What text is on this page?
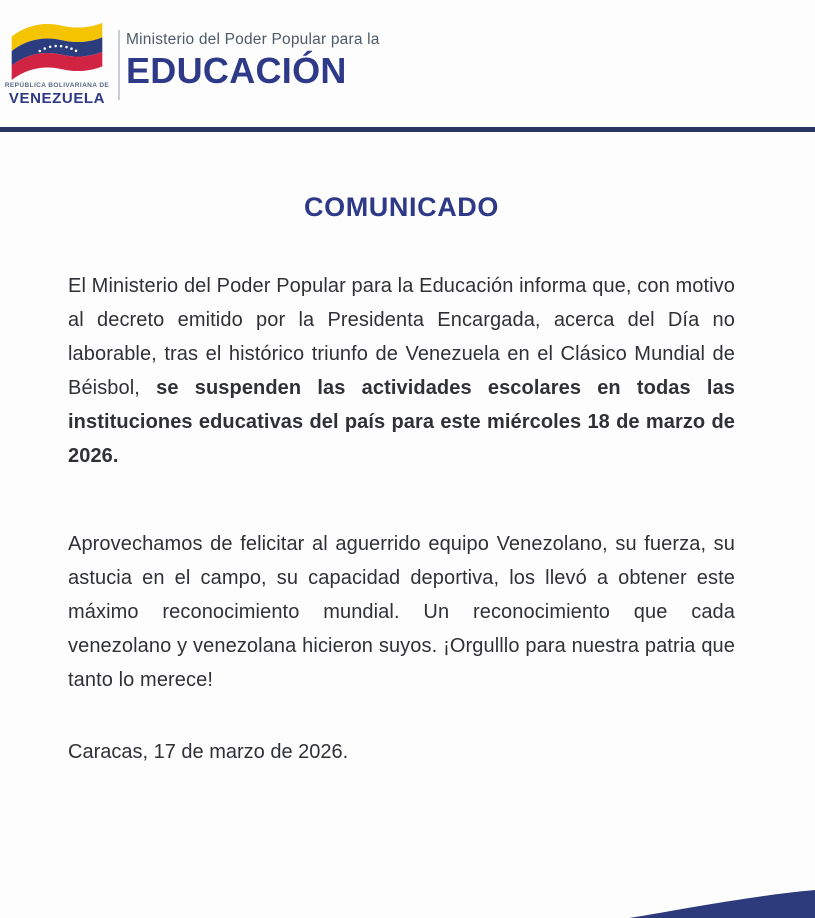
REPÚBLICA BOLIVARIANA DE
VENEZUELA
Ministerio del Poder Popular para la
EDUCACIÓN
COMUNICADO

El Ministerio del Poder Popular para la Educación informa que, con motivo al decreto emitido por la Presidenta Encargada, acerca del Día no laborable, tras el histórico triunfo de Venezuela en el Clásico Mundial de Béisbol, se suspenden las actividades escolares en todas las instituciones educativas del país para este miércoles 18 de marzo de 2026.

Aprovechamos de felicitar al aguerrido equipo Venezolano, su fuerza, su astucia en el campo, su capacidad deportiva, los llevó a obtener este máximo reconocimiento mundial. Un reconocimiento que cada venezolano y venezolana hicieron suyos. ¡Orgulllo para nuestra patria que tanto lo merece!

Caracas, 17 de marzo de 2026.
